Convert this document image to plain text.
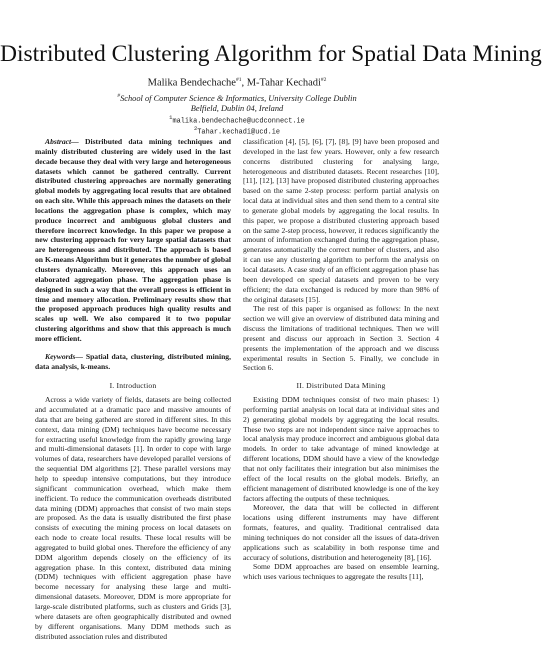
Distributed Clustering Algorithm for Spatial Data Mining
Malika Bendechache$^{\#1}$, M-Tahar Kechadi$^{\#2}$
#School of Computer Science & Informatics, University College Dublin
Belfield, Dublin 04, Ireland
$^1$malika.bendechache@ucdconnect.ie
$^2$Tahar.kechadi@ucd.ie

Abstract— Distributed data mining techniques and mainly distributed clustering are widely used in the last decade because they deal with very large and heterogeneous datasets which cannot be gathered centrally. Current distributed clustering approaches are normally generating global models by aggregating local results that are obtained on each site. While this approach mines the datasets on their locations the aggregation phase is complex, which may produce incorrect and ambiguous global clusters and therefore incorrect knowledge. In this paper we propose a new clustering approach for very large spatial datasets that are heterogeneous and distributed. The approach is based on K-means Algorithm but it generates the number of global clusters dynamically. Moreover, this approach uses an elaborated aggregation phase. The aggregation phase is designed in such a way that the overall process is efficient in time and memory allocation. Preliminary results show that the proposed approach produces high quality results and scales up well. We also compared it to two popular clustering algorithms and show that this approach is much more efficient.

Keywords— Spatial data, clustering, distributed mining, data analysis, k-means.

I. Introduction

Across a wide variety of fields, datasets are being collected and accumulated at a dramatic pace and massive amounts of data that are being gathered are stored in different sites. In this context, data mining (DM) techniques have become necessary for extracting useful knowledge from the rapidly growing large and multi-dimensional datasets [1]. In order to cope with large volumes of data, researchers have developed parallel versions of the sequential DM algorithms [2]. These parallel versions may help to speedup intensive computations, but they introduce significant communication overhead, which make them inefficient. To reduce the communication overheads distributed data mining (DDM) approaches that consist of two main steps are proposed. As the data is usually distributed the first phase consists of executing the mining process on local datasets on each node to create local results. These local results will be aggregated to build global ones. Therefore the efficiency of any DDM algorithm depends closely on the efficiency of its aggregation phase. In this context, distributed data mining (DDM) techniques with efficient aggregation phase have become necessary for analysing these large and multi-dimensional datasets. Moreover, DDM is more appropriate for large-scale distributed platforms, such as clusters and Grids [3], where datasets are often geographically distributed and owned by different organisations. Many DDM methods such as distributed association rules and distributed

classification [4], [5], [6], [7], [8], [9] have been proposed and developed in the last few years. However, only a few research concerns distributed clustering for analysing large, heterogeneous and distributed datasets. Recent researches [10], [11], [12], [13] have proposed distributed clustering approaches based on the same 2-step process: perform partial analysis on local data at individual sites and then send them to a central site to generate global models by aggregating the local results. In this paper, we propose a distributed clustering approach based on the same 2-step process, however, it reduces significantly the amount of information exchanged during the aggregation phase, generates automatically the correct number of clusters, and also it can use any clustering algorithm to perform the analysis on local datasets. A case study of an efficient aggregation phase has been developed on special datasets and proven to be very efficient; the data exchanged is reduced by more than 98% of the original datasets [15].

The rest of this paper is organised as follows: In the next section we will give an overview of distributed data mining and discuss the limitations of traditional techniques. Then we will present and discuss our approach in Section 3. Section 4 presents the implementation of the approach and we discuss experimental results in Section 5. Finally, we conclude in Section 6.

II. Distributed Data Mining

Existing DDM techniques consist of two main phases: 1) performing partial analysis on local data at individual sites and 2) generating global models by aggregating the local results. These two steps are not independent since naive approaches to local analysis may produce incorrect and ambiguous global data models. In order to take advantage of mined knowledge at different locations, DDM should have a view of the knowledge that not only facilitates their integration but also minimises the effect of the local results on the global models. Briefly, an efficient management of distributed knowledge is one of the key factors affecting the outputs of these techniques.

Moreover, the data that will be collected in different locations using different instruments may have different formats, features, and quality. Traditional centralised data mining techniques do not consider all the issues of data-driven applications such as scalability in both response time and accuracy of solutions, distribution and heterogeneity [8], [16].

Some DDM approaches are based on ensemble learning, which uses various techniques to aggregate the results [11],
